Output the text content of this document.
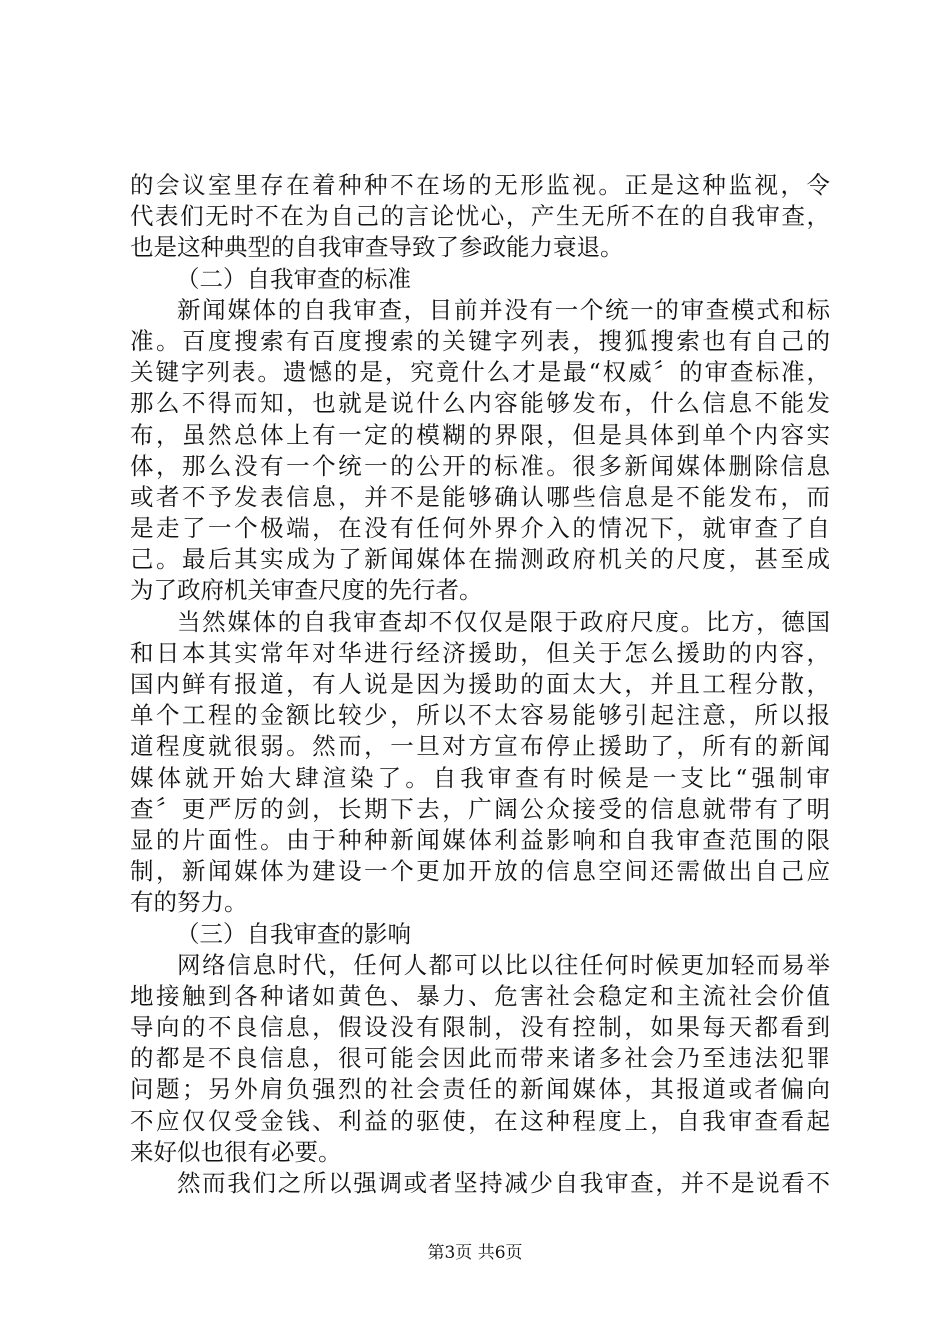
的会议室里存在着种种不在场的无形监视。正是这种监视，令
代表们无时不在为自己的言论忧心，产生无所不在的自我审查，
也是这种典型的自我审查导致了参政能力衰退。
（二）自我审查的标准
新闻媒体的自我审查，目前并没有一个统一的审查模式和标
准。百度搜索有百度搜索的关键字列表，搜狐搜索也有自己的
关键字列表。遗憾的是，究竟什么才是最“权威〞的审查标准，
那么不得而知，也就是说什么内容能够发布，什么信息不能发
布，虽然总体上有一定的模糊的界限，但是具体到单个内容实
体，那么没有一个统一的公开的标准。很多新闻媒体删除信息
或者不予发表信息，并不是能够确认哪些信息是不能发布，而
是走了一个极端，在没有任何外界介入的情况下，就审查了自
己。最后其实成为了新闻媒体在揣测政府机关的尺度，甚至成
为了政府机关审查尺度的先行者。
当然媒体的自我审查却不仅仅是限于政府尺度。比方，德国
和日本其实常年对华进行经济援助，但关于怎么援助的内容，
国内鲜有报道，有人说是因为援助的面太大，并且工程分散，
单个工程的金额比较少，所以不太容易能够引起注意，所以报
道程度就很弱。然而，一旦对方宣布停止援助了，所有的新闻
媒体就开始大肆渲染了。自我审查有时候是一支比“强制审
查〞更严厉的剑，长期下去，广阔公众接受的信息就带有了明
显的片面性。由于种种新闻媒体利益影响和自我审查范围的限
制，新闻媒体为建设一个更加开放的信息空间还需做出自己应
有的努力。
（三）自我审查的影响
网络信息时代，任何人都可以比以往任何时候更加轻而易举
地接触到各种诸如黄色、暴力、危害社会稳定和主流社会价值
导向的不良信息，假设没有限制，没有控制，如果每天都看到
的都是不良信息，很可能会因此而带来诸多社会乃至违法犯罪
问题；另外肩负强烈的社会责任的新闻媒体，其报道或者偏向
不应仅仅受金钱、利益的驱使，在这种程度上，自我审查看起
来好似也很有必要。
然而我们之所以强调或者坚持减少自我审查，并不是说看不
第3页 共6页
